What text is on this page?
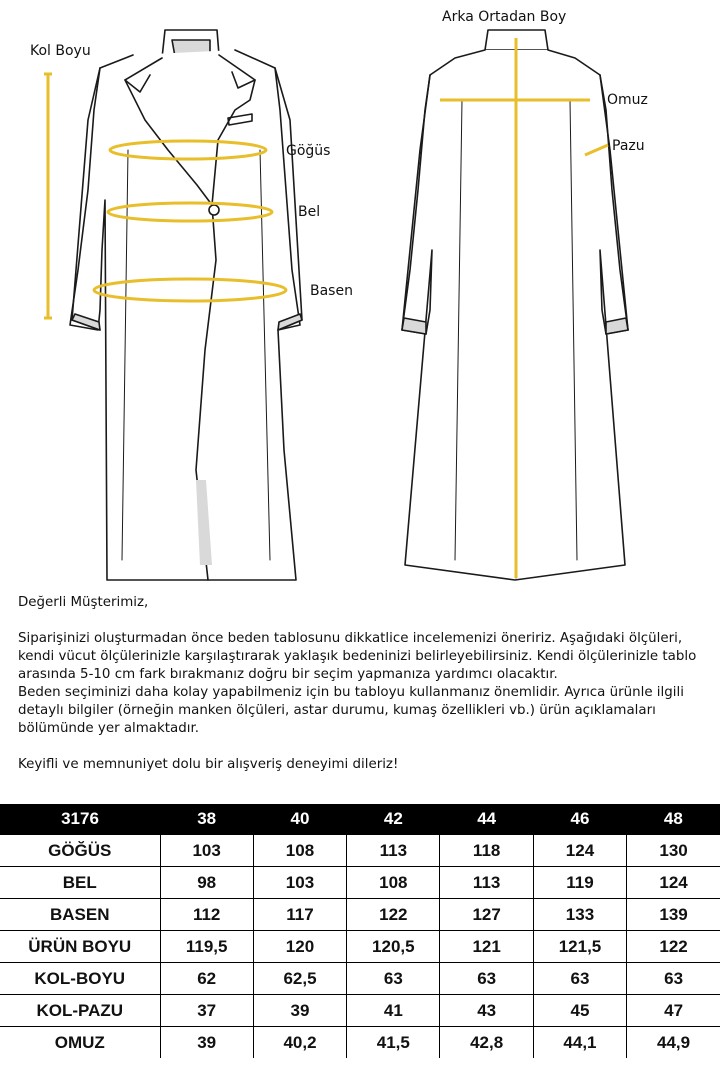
Kol Boyu
Göğüs
Bel
Basen
Arka Ortadan Boy
Omuz
Pazu

Değerli Müşterimiz,

Siparişinizi oluşturmadan önce beden tablosunu dikkatlice incelemenizi öneririz. Aşağıdaki ölçüleri, kendi vücut ölçülerinizle karşılaştırarak yaklaşık bedeninizi belirleyebilirsiniz. Kendi ölçülerinizle tablo arasında 5-10 cm fark bırakmanız doğru bir seçim yapmanıza yardımcı olacaktır.

Beden seçiminizi daha kolay yapabilmeniz için bu tabloyu kullanmanız önemlidir. Ayrıca ürünle ilgili detaylı bilgiler (örneğin manken ölçüleri, astar durumu, kumaş özellikleri vb.) ürün açıklamaları bölümünde yer almaktadır.

Keyifli ve memnuniyet dolu bir alışveriş deneyimi dileriz!

3176	38	40	42	44	46	48
GÖĞÜS	103	108	113	118	124	130
BEL	98	103	108	113	119	124
BASEN	112	117	122	127	133	139
ÜRÜN BOYU	119,5	120	120,5	121	121,5	122
KOL-BOYU	62	62,5	63	63	63	63
KOL-PAZU	37	39	41	43	45	47
OMUZ	39	40,2	41,5	42,8	44,1	44,9
